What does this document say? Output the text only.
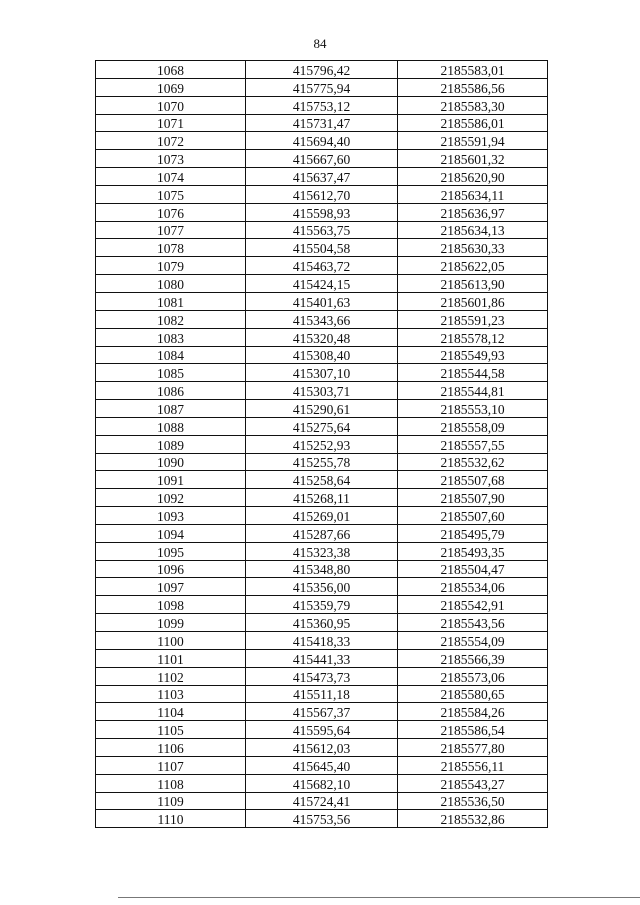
84
1068	415796,42	2185583,01
1069	415775,94	2185586,56
1070	415753,12	2185583,30
1071	415731,47	2185586,01
1072	415694,40	2185591,94
1073	415667,60	2185601,32
1074	415637,47	2185620,90
1075	415612,70	2185634,11
1076	415598,93	2185636,97
1077	415563,75	2185634,13
1078	415504,58	2185630,33
1079	415463,72	2185622,05
1080	415424,15	2185613,90
1081	415401,63	2185601,86
1082	415343,66	2185591,23
1083	415320,48	2185578,12
1084	415308,40	2185549,93
1085	415307,10	2185544,58
1086	415303,71	2185544,81
1087	415290,61	2185553,10
1088	415275,64	2185558,09
1089	415252,93	2185557,55
1090	415255,78	2185532,62
1091	415258,64	2185507,68
1092	415268,11	2185507,90
1093	415269,01	2185507,60
1094	415287,66	2185495,79
1095	415323,38	2185493,35
1096	415348,80	2185504,47
1097	415356,00	2185534,06
1098	415359,79	2185542,91
1099	415360,95	2185543,56
1100	415418,33	2185554,09
1101	415441,33	2185566,39
1102	415473,73	2185573,06
1103	415511,18	2185580,65
1104	415567,37	2185584,26
1105	415595,64	2185586,54
1106	415612,03	2185577,80
1107	415645,40	2185556,11
1108	415682,10	2185543,27
1109	415724,41	2185536,50
1110	415753,56	2185532,86
